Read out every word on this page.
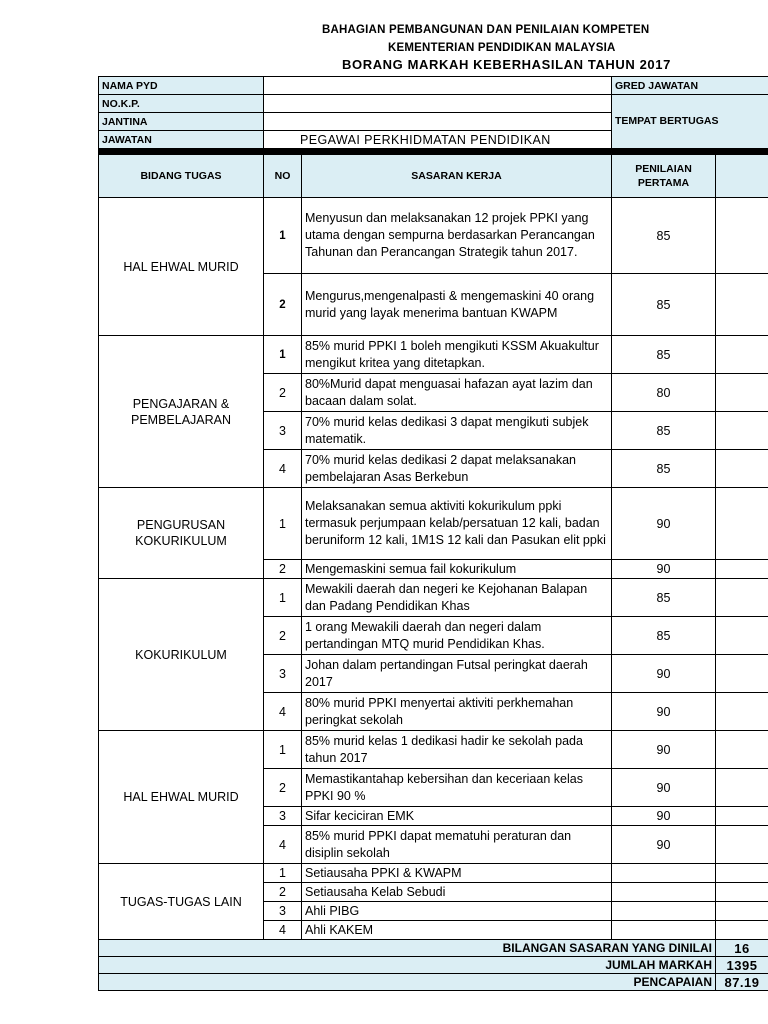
BAHAGIAN PEMBANGUNAN DAN PENILAIAN KOMPETEN
KEMENTERIAN PENDIDIKAN MALAYSIA
BORANG MARKAH KEBERHASILAN TAHUN 2017
NAMA PYD		GRED JAWATAN
NO.K.P.		TEMPAT BERTUGAS
JANTINA		
JAWATAN	PEGAWAI PERKHIDMATAN PENDIDIKAN	

BIDANG TUGAS	NO	SASARAN KERJA	PENILAIAN PERTAMA	
HAL EHWAL MURID	1	Menyusun dan melaksanakan 12 projek PPKI yang utama dengan sempurna berdasarkan Perancangan Tahunan dan Perancangan Strategik tahun 2017.	85	
	2	Mengurus,mengenalpasti & mengemaskini 40 orang murid yang layak menerima bantuan KWAPM	85	
PENGAJARAN & PEMBELAJARAN	1	85% murid PPKI 1 boleh mengikuti KSSM Akuakultur mengikut kritea yang ditetapkan.	85	
	2	80%Murid dapat menguasai hafazan ayat lazim dan bacaan dalam solat.	80	
	3	70% murid kelas dedikasi 3 dapat mengikuti subjek matematik.	85	
	4	70% murid kelas dedikasi 2 dapat melaksanakan pembelajaran Asas Berkebun	85	
PENGURUSAN KOKURIKULUM	1	Melaksanakan semua aktiviti kokurikulum ppki termasuk perjumpaan kelab/persatuan 12 kali, badan beruniform 12 kali, 1M1S 12 kali dan Pasukan elit ppki	90	
	2	Mengemaskini semua fail kokurikulum	90	
KOKURIKULUM	1	Mewakili daerah dan negeri ke Kejohanan Balapan dan Padang Pendidikan Khas	85	
	2	1 orang Mewakili daerah dan negeri dalam pertandingan MTQ murid Pendidikan Khas.	85	
	3	Johan dalam pertandingan Futsal peringkat daerah 2017	90	
	4	80% murid PPKI menyertai aktiviti perkhemahan peringkat sekolah	90	
HAL EHWAL MURID	1	85% murid kelas 1 dedikasi hadir ke sekolah pada tahun 2017	90	
	2	Memastikantahap kebersihan dan keceriaan kelas PPKI 90 %	90	
	3	Sifar keciciran EMK	90	
	4	85% murid PPKI dapat mematuhi peraturan dan disiplin sekolah	90	
TUGAS-TUGAS LAIN	1	Setiausaha PPKI & KWAPM		
	2	Setiausaha Kelab Sebudi		
	3	Ahli PIBG		
	4	Ahli KAKEM		
BILANGAN SASARAN YANG DINILAI				16
JUMLAH MARKAH				1395
PENCAPAIAN				87.19
